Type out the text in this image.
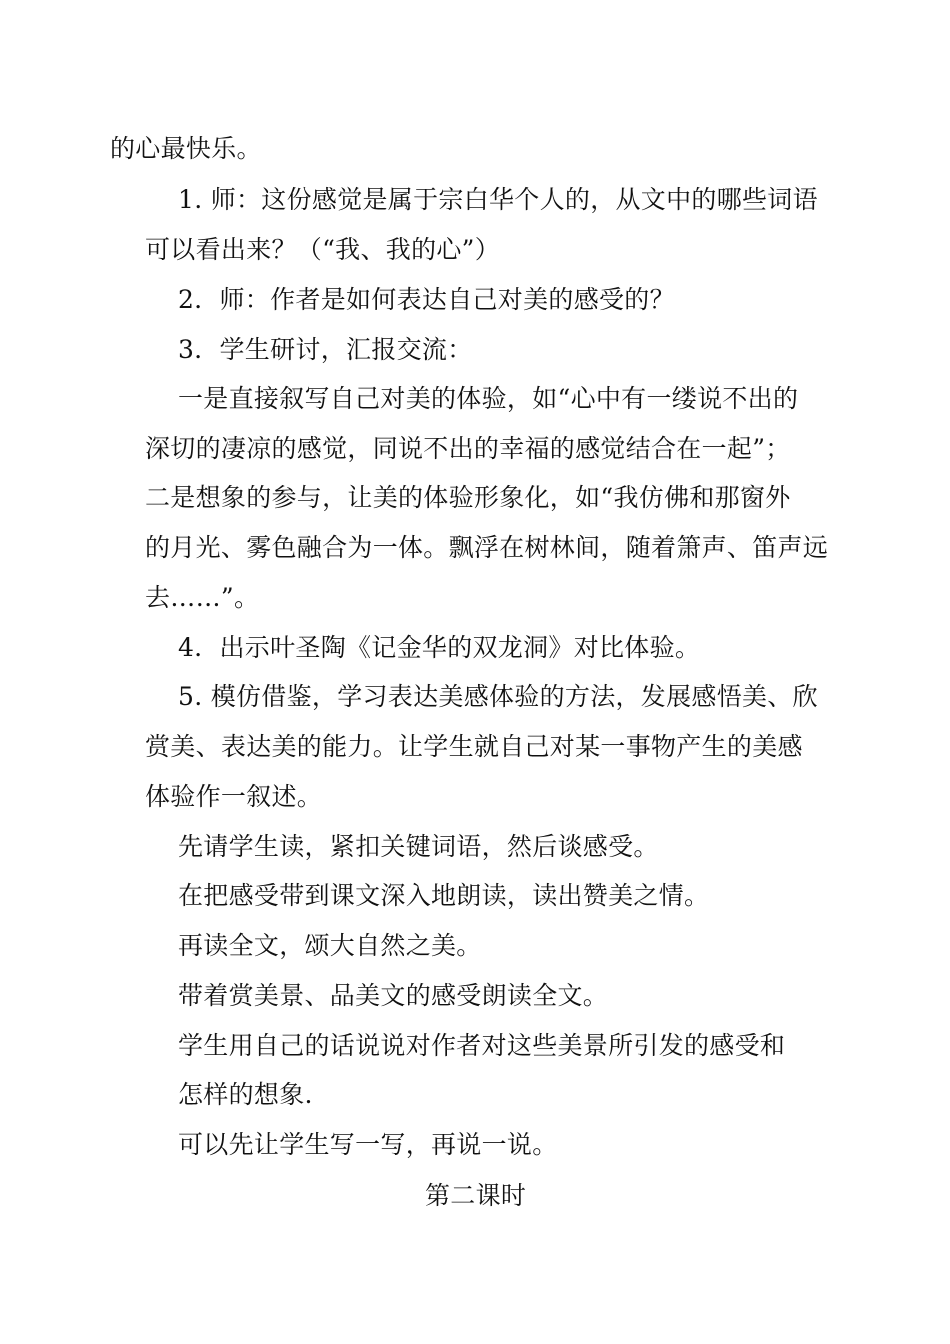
的心最快乐。
1. 师：这份感觉是属于宗白华个人的，从文中的哪些词语
可以看出来？（“我、我的心”）
2．师：作者是如何表达自己对美的感受的？
3．学生研讨，汇报交流：
一是直接叙写自己对美的体验，如“心中有一缕说不出的
深切的凄凉的感觉，同说不出的幸福的感觉结合在一起”；
二是想象的参与，让美的体验形象化，如“我仿佛和那窗外
的月光、雾色融合为一体。飘浮在树林间，随着箫声、笛声远
去……”。
4．出示叶圣陶《记金华的双龙洞》对比体验。
5. 模仿借鉴，学习表达美感体验的方法，发展感悟美、欣
赏美、表达美的能力。让学生就自己对某一事物产生的美感
体验作一叙述。
先请学生读，紧扣关键词语，然后谈感受。
在把感受带到课文深入地朗读，读出赞美之情。
再读全文，颂大自然之美。
带着赏美景、品美文的感受朗读全文。
学生用自己的话说说对作者对这些美景所引发的感受和
怎样的想象.
可以先让学生写一写，再说一说。
第二课时
